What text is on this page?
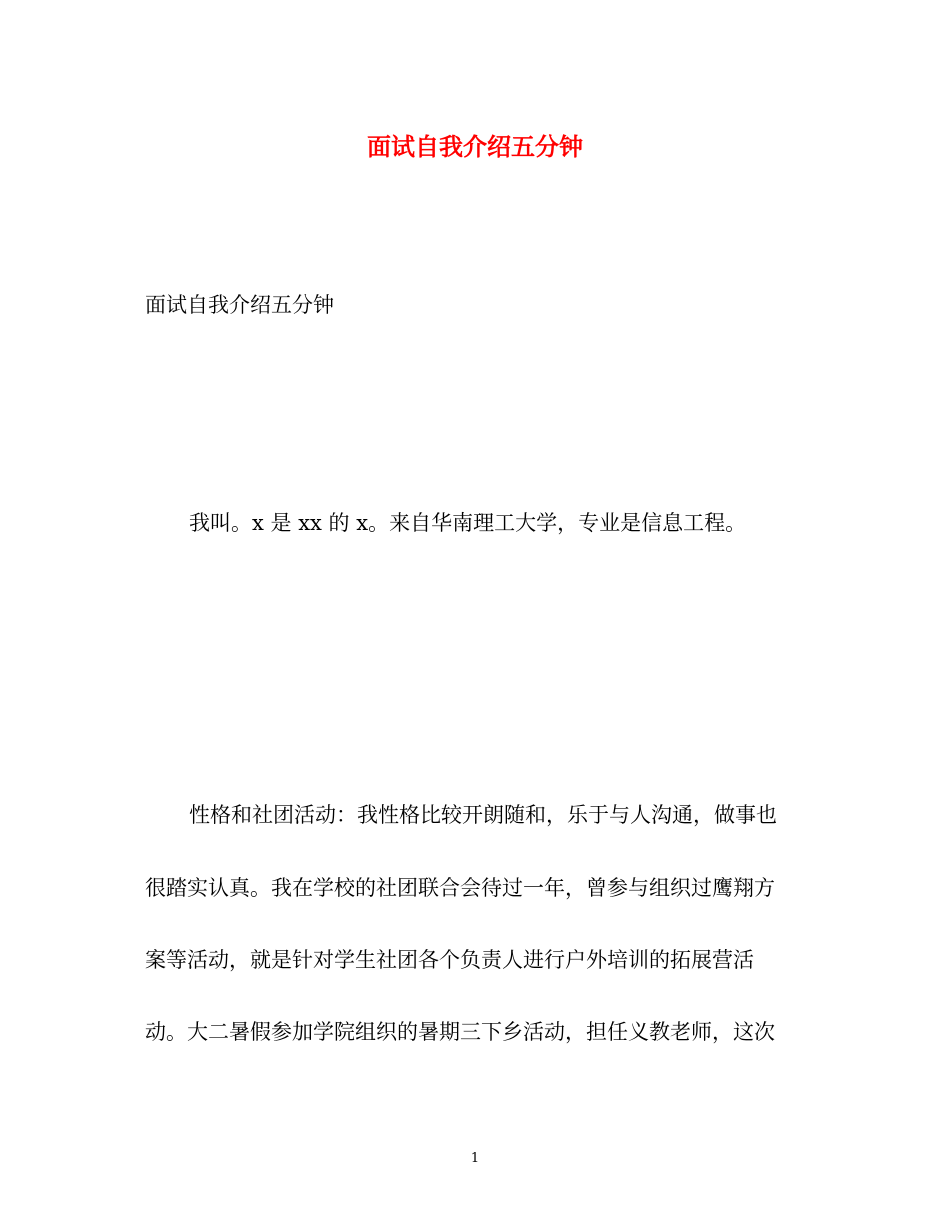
面试自我介绍五分钟

面试自我介绍五分钟

我叫。x 是 xx 的 x。来自华南理工大学，专业是信息工程。

性格和社团活动：我性格比较开朗随和，乐于与人沟通，做事也

很踏实认真。我在学校的社团联合会待过一年，曾参与组织过鹰翔方

案等活动，就是针对学生社团各个负责人进行户外培训的拓展营活

动。大二暑假参加学院组织的暑期三下乡活动，担任义教老师，这次

1
